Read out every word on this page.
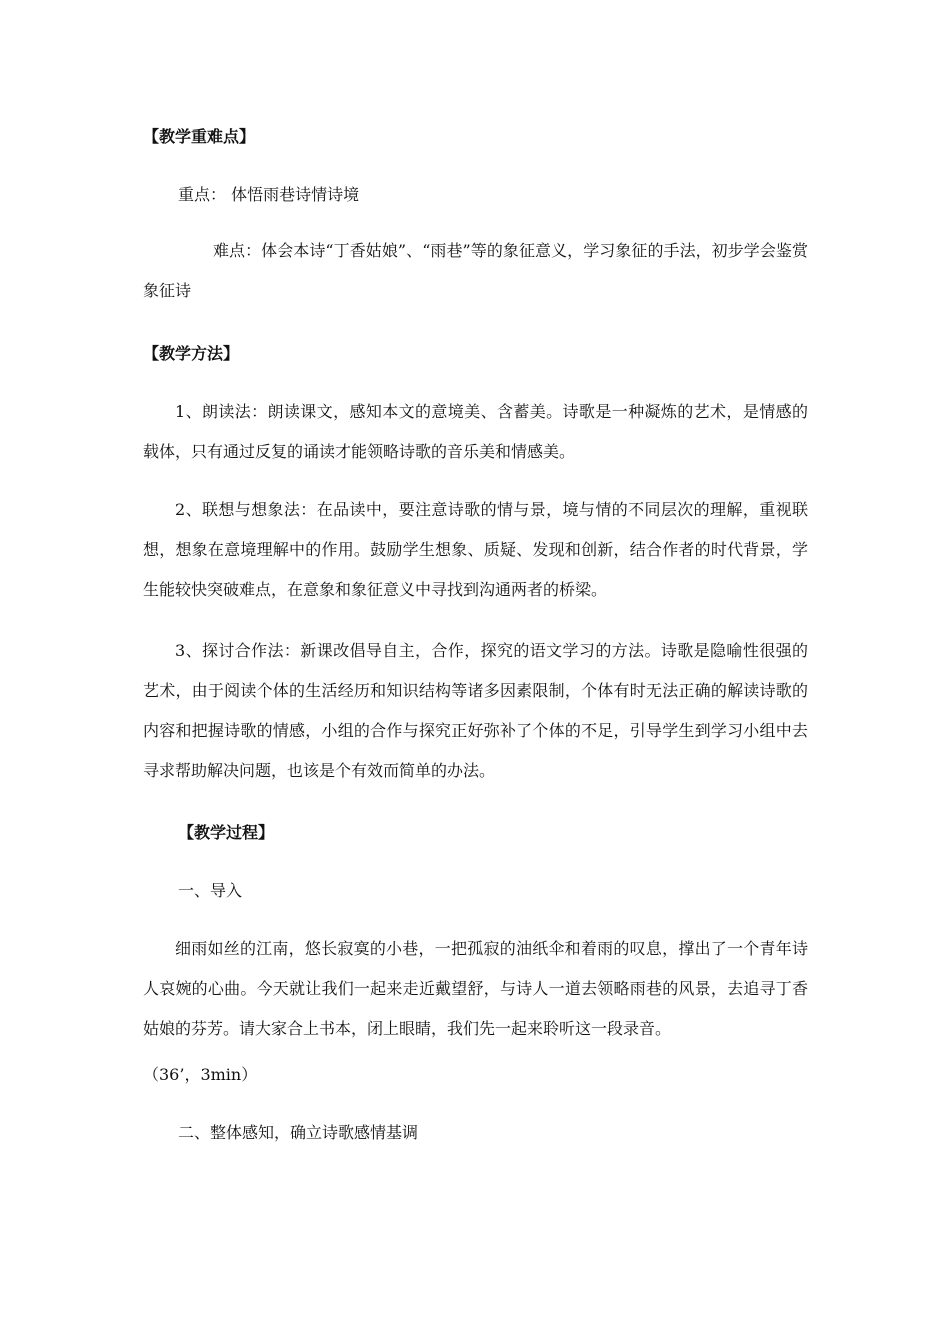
【教学重难点】
重点： 体悟雨巷诗情诗境
难点：体会本诗“丁香姑娘”、“雨巷”等的象征意义，学习象征的手法，初步学会鉴赏象征诗
【教学方法】
1、朗读法：朗读课文，感知本文的意境美、含蓄美。诗歌是一种凝炼的艺术，是情感的载体，只有通过反复的诵读才能领略诗歌的音乐美和情感美。
2、联想与想象法：在品读中，要注意诗歌的情与景，境与情的不同层次的理解，重视联想，想象在意境理解中的作用。鼓励学生想象、质疑、发现和创新，结合作者的时代背景，学生能较快突破难点，在意象和象征意义中寻找到沟通两者的桥梁。
3、探讨合作法：新课改倡导自主，合作，探究的语文学习的方法。诗歌是隐喻性很强的艺术，由于阅读个体的生活经历和知识结构等诸多因素限制，个体有时无法正确的解读诗歌的内容和把握诗歌的情感，小组的合作与探究正好弥补了个体的不足，引导学生到学习小组中去寻求帮助解决问题，也该是个有效而简单的办法。
【教学过程】
一、导入
细雨如丝的江南，悠长寂寞的小巷，一把孤寂的油纸伞和着雨的叹息，撑出了一个青年诗人哀婉的心曲。今天就让我们一起来走近戴望舒，与诗人一道去领略雨巷的风景，去追寻丁香姑娘的芬芳。请大家合上书本，闭上眼睛，我们先一起来聆听这一段录音。
（36’，3min）
二、整体感知，确立诗歌感情基调
